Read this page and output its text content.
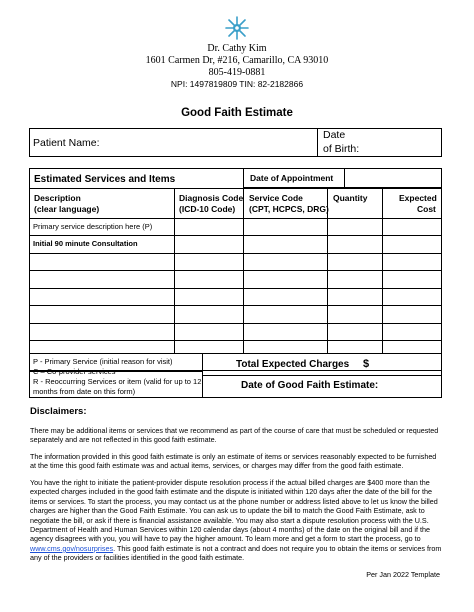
Dr. Cathy Kim
1601 Carmen Dr, #216, Camarillo, CA 93010
805-419-0881
NPI: 1497819809 TIN: 82-2182866
Good Faith Estimate
Patient Name:
Date
of Birth:
Date of Appointment
Estimated Services and Items
Description
(clear language)
Diagnosis Code
(ICD-10 Code)
Service Code
(CPT, HCPCS, DRG)
Quantity	Expected
Cost
Primary service description here (P)
Initial 90 minute Consultation
P - Primary Service (initial reason for visit)
C – Co-provider services
R - Reoccurring Services or item (valid for up to 12
months from date on this form)
Total Expected Charges $
Date of Good Faith Estimate:
Disclaimers:
There may be additional items or services that we recommend as part of the course of care that must be scheduled or requested separately and are not reflected in this good faith estimate.
The information provided in this good faith estimate is only an estimate of items or services reasonably expected to be furnished at the time this good faith estimate was and actual items, services, or charges may differ from the good faith estimate.
You have the right to initiate the patient-provider dispute resolution process if the actual billed charges are $400 more than the expected charges included in the good faith estimate and the dispute is initiated within 120 days after the date of the bill for the items or services. To start the process, you may contact us at the phone number or address listed above to let us know the billed charges are higher than the Good Faith Estimate. You can ask us to update the bill to match the Good Faith Estimate, ask to negotiate the bill, or ask if there is financial assistance available. You may also start a dispute resolution process with the U.S. Department of Health and Human Services within 120 calendar days (about 4 months) of the date on the original bill and if the agency disagrees with you, you will have to pay the higher amount. To learn more and get a form to start the process, go to www.cms.gov/nosurprises. This good faith estimate is not a contract and does not require you to obtain the items or services from any of the providers or facilities identified in the good faith estimate.
Per Jan 2022 Template
